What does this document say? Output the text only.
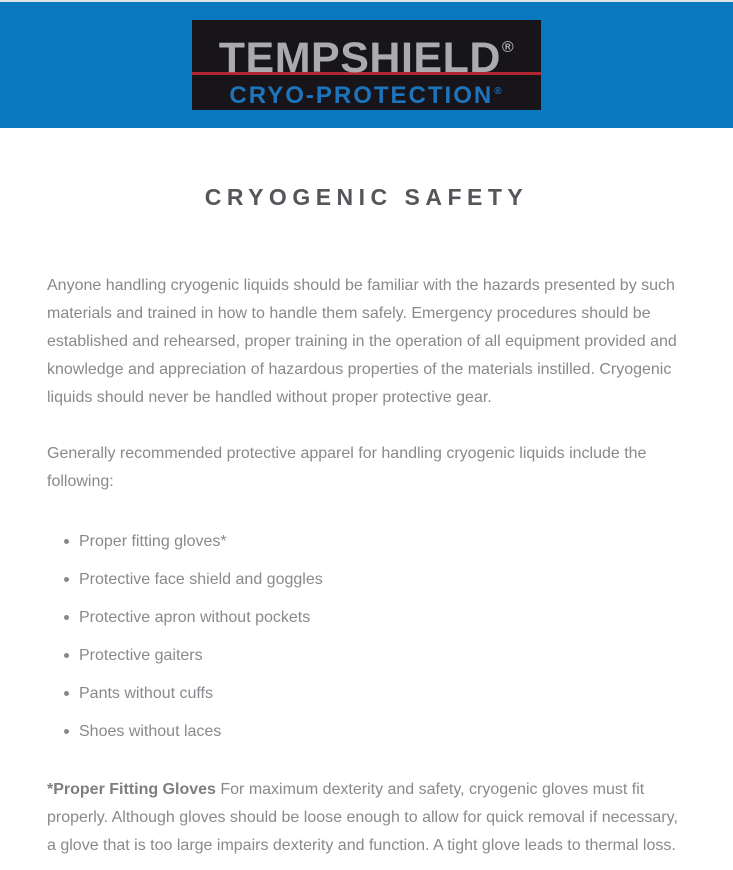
TEMPSHIELD®
CRYO-PROTECTION®
CRYOGENIC SAFETY

Anyone handling cryogenic liquids should be familiar with the hazards presented by such materials and trained in how to handle them safely. Emergency procedures should be established and rehearsed, proper training in the operation of all equipment provided and knowledge and appreciation of hazardous properties of the materials instilled. Cryogenic liquids should never be handled without proper protective gear.

Generally recommended protective apparel for handling cryogenic liquids include the following:

Proper fitting gloves*
Protective face shield and goggles
Protective apron without pockets
Protective gaiters
Pants without cuffs
Shoes without laces

*Proper Fitting Gloves For maximum dexterity and safety, cryogenic gloves must fit properly. Although gloves should be loose enough to allow for quick removal if necessary, a glove that is too large impairs dexterity and function. A tight glove leads to thermal loss.
